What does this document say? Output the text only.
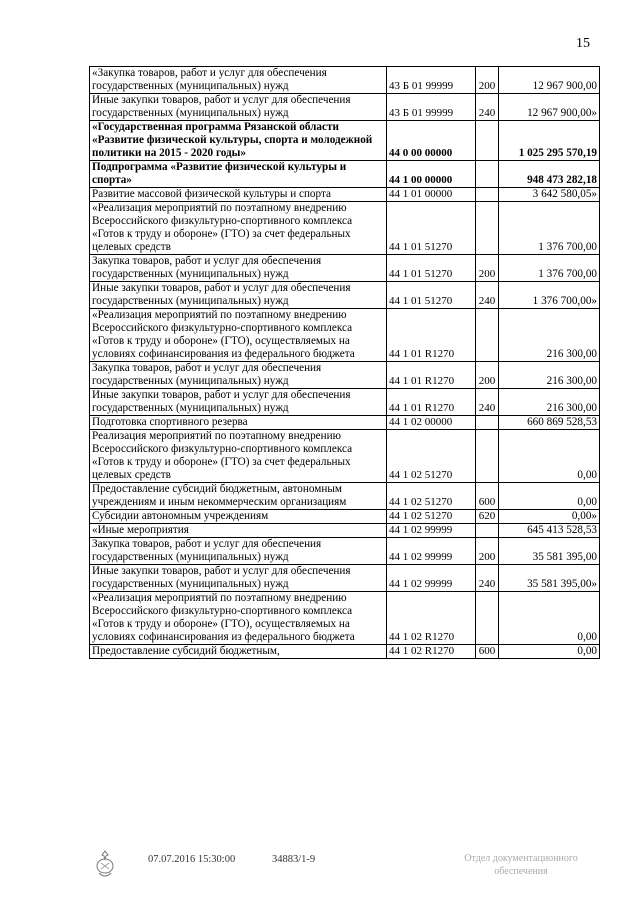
15
«Закупка товаров, работ и услуг для обеспечения государственных (муниципальных) нужд	43 Б 01 99999	200	12 967 900,00
Иные закупки товаров, работ и услуг для обеспечения государственных (муниципальных) нужд	43 Б 01 99999	240	12 967 900,00»
«Государственная программа Рязанской области «Развитие физической культуры, спорта и молодежной политики на 2015 - 2020 годы»	44 0 00 00000		1 025 295 570,19
Подпрограмма «Развитие физической культуры и спорта»	44 1 00 00000		948 473 282,18
Развитие массовой физической культуры и спорта	44 1 01 00000		3 642 580,05»
«Реализация мероприятий по поэтапному внедрению Всероссийского физкультурно-спортивного комплекса «Готов к труду и обороне» (ГТО) за счет федеральных целевых средств	44 1 01 51270		1 376 700,00
Закупка товаров, работ и услуг для обеспечения государственных (муниципальных) нужд	44 1 01 51270	200	1 376 700,00
Иные закупки товаров, работ и услуг для обеспечения государственных (муниципальных) нужд	44 1 01 51270	240	1 376 700,00»
«Реализация мероприятий по поэтапному внедрению Всероссийского физкультурно-спортивного комплекса «Готов к труду и обороне» (ГТО), осуществляемых на условиях софинансирования из федерального бюджета	44 1 01 R1270		216 300,00
Закупка товаров, работ и услуг для обеспечения государственных (муниципальных) нужд	44 1 01 R1270	200	216 300,00
Иные закупки товаров, работ и услуг для обеспечения государственных (муниципальных) нужд	44 1 01 R1270	240	216 300,00
Подготовка спортивного резерва	44 1 02 00000		660 869 528,53
Реализация мероприятий по поэтапному внедрению Всероссийского физкультурно-спортивного комплекса «Готов к труду и обороне» (ГТО) за счет федеральных целевых средств	44 1 02 51270		0,00
Предоставление субсидий бюджетным, автономным учреждениям и иным некоммерческим организациям	44 1 02 51270	600	0,00
Субсидии автономным учреждениям	44 1 02 51270	620	0,00»
«Иные мероприятия	44 1 02 99999		645 413 528,53
Закупка товаров, работ и услуг для обеспечения государственных (муниципальных) нужд	44 1 02 99999	200	35 581 395,00
Иные закупки товаров, работ и услуг для обеспечения государственных (муниципальных) нужд	44 1 02 99999	240	35 581 395,00»
«Реализация мероприятий по поэтапному внедрению Всероссийского физкультурно-спортивного комплекса «Готов к труду и обороне» (ГТО), осуществляемых на условиях софинансирования из федерального бюджета	44 1 02 R1270		0,00
Предоставление субсидий бюджетным,	44 1 02 R1270	600	0,00
07.07.2016 15:30:00	34883/1-9	Отдел документационного обеспечения
